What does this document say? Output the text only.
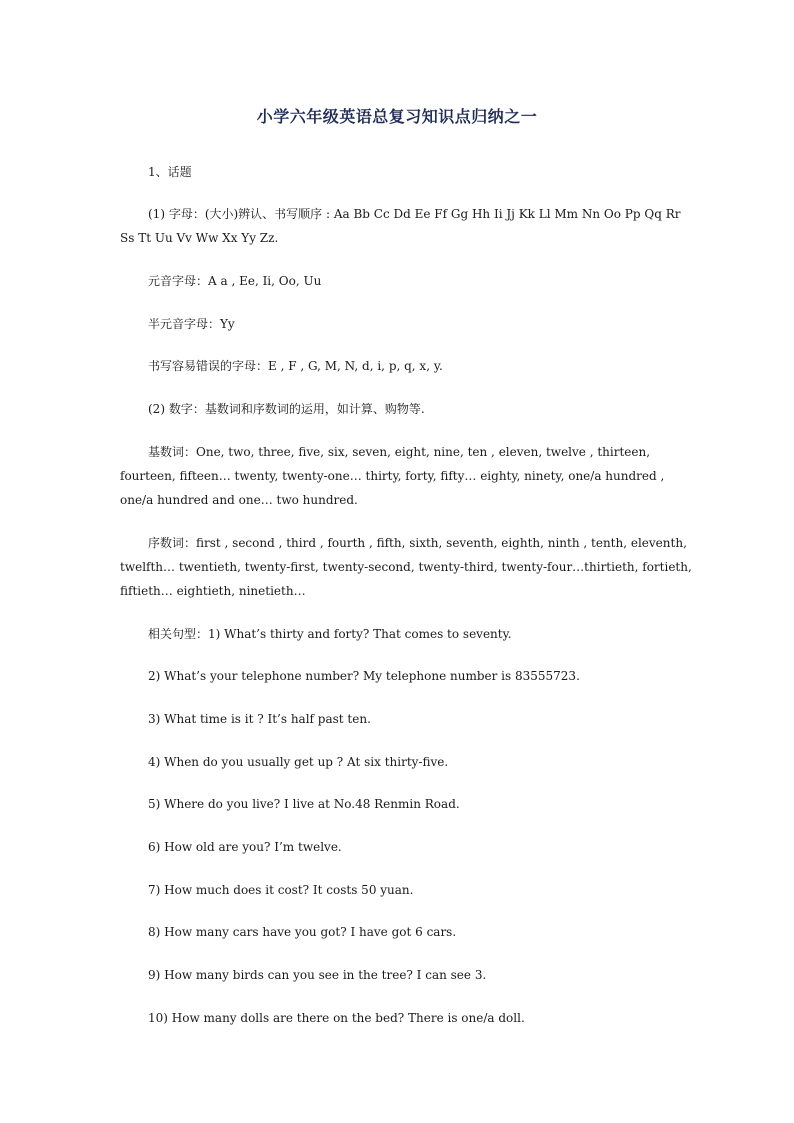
小学六年级英语总复习知识点归纳之一

1、话题

(1) 字母：(大小)辨认、书写顺序 : Aa Bb Cc Dd Ee Ff Gg Hh Ii Jj Kk Ll Mm Nn Oo Pp Qq Rr Ss Tt Uu Vv Ww Xx Yy Zz.

元音字母：A a , Ee, Ii, Oo, Uu

半元音字母：Yy

书写容易错误的字母：E , F , G, M, N, d, i, p, q, x, y.

(2) 数字：基数词和序数词的运用，如计算、购物等.

基数词：One, two, three, five, six, seven, eight, nine, ten , eleven, twelve , thirteen, fourteen, fifteen… twenty, twenty-one… thirty, forty, fifty… eighty, ninety, one/a hundred , one/a hundred and one… two hundred.

序数词：first , second , third , fourth , fifth, sixth, seventh, eighth, ninth , tenth, eleventh, twelfth… twentieth, twenty-first, twenty-second, twenty-third, twenty-four…thirtieth, fortieth, fiftieth… eightieth, ninetieth…

相关句型：1) What’s thirty and forty? That comes to seventy.

2) What’s your telephone number? My telephone number is 83555723.

3) What time is it ? It’s half past ten.

4) When do you usually get up ? At six thirty-five.

5) Where do you live? I live at No.48 Renmin Road.

6) How old are you? I’m twelve.

7) How much does it cost? It costs 50 yuan.

8) How many cars have you got? I have got 6 cars.

9) How many birds can you see in the tree? I can see 3.

10) How many dolls are there on the bed? There is one/a doll.
